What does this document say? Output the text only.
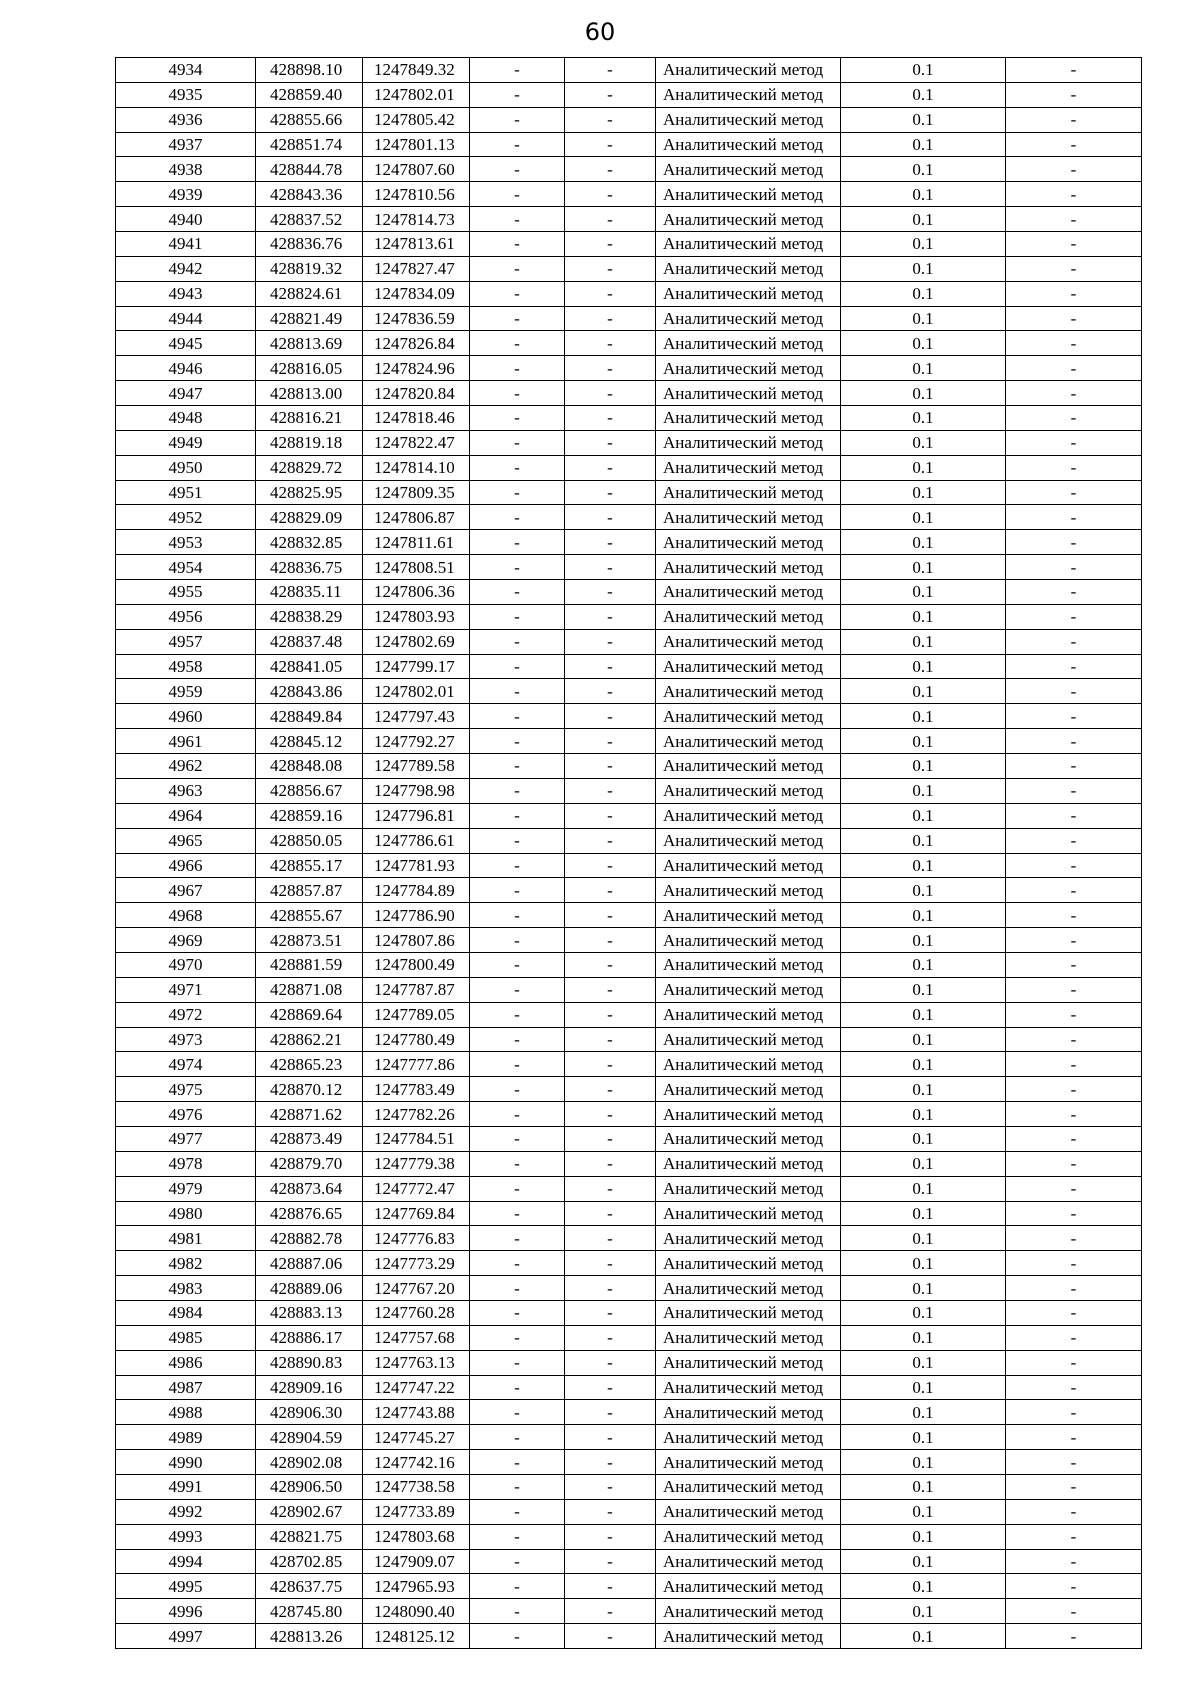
60
4934	428898.10	1247849.32	-	-	Аналитический метод	0.1	-
4935	428859.40	1247802.01	-	-	Аналитический метод	0.1	-
4936	428855.66	1247805.42	-	-	Аналитический метод	0.1	-
4937	428851.74	1247801.13	-	-	Аналитический метод	0.1	-
4938	428844.78	1247807.60	-	-	Аналитический метод	0.1	-
4939	428843.36	1247810.56	-	-	Аналитический метод	0.1	-
4940	428837.52	1247814.73	-	-	Аналитический метод	0.1	-
4941	428836.76	1247813.61	-	-	Аналитический метод	0.1	-
4942	428819.32	1247827.47	-	-	Аналитический метод	0.1	-
4943	428824.61	1247834.09	-	-	Аналитический метод	0.1	-
4944	428821.49	1247836.59	-	-	Аналитический метод	0.1	-
4945	428813.69	1247826.84	-	-	Аналитический метод	0.1	-
4946	428816.05	1247824.96	-	-	Аналитический метод	0.1	-
4947	428813.00	1247820.84	-	-	Аналитический метод	0.1	-
4948	428816.21	1247818.46	-	-	Аналитический метод	0.1	-
4949	428819.18	1247822.47	-	-	Аналитический метод	0.1	-
4950	428829.72	1247814.10	-	-	Аналитический метод	0.1	-
4951	428825.95	1247809.35	-	-	Аналитический метод	0.1	-
4952	428829.09	1247806.87	-	-	Аналитический метод	0.1	-
4953	428832.85	1247811.61	-	-	Аналитический метод	0.1	-
4954	428836.75	1247808.51	-	-	Аналитический метод	0.1	-
4955	428835.11	1247806.36	-	-	Аналитический метод	0.1	-
4956	428838.29	1247803.93	-	-	Аналитический метод	0.1	-
4957	428837.48	1247802.69	-	-	Аналитический метод	0.1	-
4958	428841.05	1247799.17	-	-	Аналитический метод	0.1	-
4959	428843.86	1247802.01	-	-	Аналитический метод	0.1	-
4960	428849.84	1247797.43	-	-	Аналитический метод	0.1	-
4961	428845.12	1247792.27	-	-	Аналитический метод	0.1	-
4962	428848.08	1247789.58	-	-	Аналитический метод	0.1	-
4963	428856.67	1247798.98	-	-	Аналитический метод	0.1	-
4964	428859.16	1247796.81	-	-	Аналитический метод	0.1	-
4965	428850.05	1247786.61	-	-	Аналитический метод	0.1	-
4966	428855.17	1247781.93	-	-	Аналитический метод	0.1	-
4967	428857.87	1247784.89	-	-	Аналитический метод	0.1	-
4968	428855.67	1247786.90	-	-	Аналитический метод	0.1	-
4969	428873.51	1247807.86	-	-	Аналитический метод	0.1	-
4970	428881.59	1247800.49	-	-	Аналитический метод	0.1	-
4971	428871.08	1247787.87	-	-	Аналитический метод	0.1	-
4972	428869.64	1247789.05	-	-	Аналитический метод	0.1	-
4973	428862.21	1247780.49	-	-	Аналитический метод	0.1	-
4974	428865.23	1247777.86	-	-	Аналитический метод	0.1	-
4975	428870.12	1247783.49	-	-	Аналитический метод	0.1	-
4976	428871.62	1247782.26	-	-	Аналитический метод	0.1	-
4977	428873.49	1247784.51	-	-	Аналитический метод	0.1	-
4978	428879.70	1247779.38	-	-	Аналитический метод	0.1	-
4979	428873.64	1247772.47	-	-	Аналитический метод	0.1	-
4980	428876.65	1247769.84	-	-	Аналитический метод	0.1	-
4981	428882.78	1247776.83	-	-	Аналитический метод	0.1	-
4982	428887.06	1247773.29	-	-	Аналитический метод	0.1	-
4983	428889.06	1247767.20	-	-	Аналитический метод	0.1	-
4984	428883.13	1247760.28	-	-	Аналитический метод	0.1	-
4985	428886.17	1247757.68	-	-	Аналитический метод	0.1	-
4986	428890.83	1247763.13	-	-	Аналитический метод	0.1	-
4987	428909.16	1247747.22	-	-	Аналитический метод	0.1	-
4988	428906.30	1247743.88	-	-	Аналитический метод	0.1	-
4989	428904.59	1247745.27	-	-	Аналитический метод	0.1	-
4990	428902.08	1247742.16	-	-	Аналитический метод	0.1	-
4991	428906.50	1247738.58	-	-	Аналитический метод	0.1	-
4992	428902.67	1247733.89	-	-	Аналитический метод	0.1	-
4993	428821.75	1247803.68	-	-	Аналитический метод	0.1	-
4994	428702.85	1247909.07	-	-	Аналитический метод	0.1	-
4995	428637.75	1247965.93	-	-	Аналитический метод	0.1	-
4996	428745.80	1248090.40	-	-	Аналитический метод	0.1	-
4997	428813.26	1248125.12	-	-	Аналитический метод	0.1	-
